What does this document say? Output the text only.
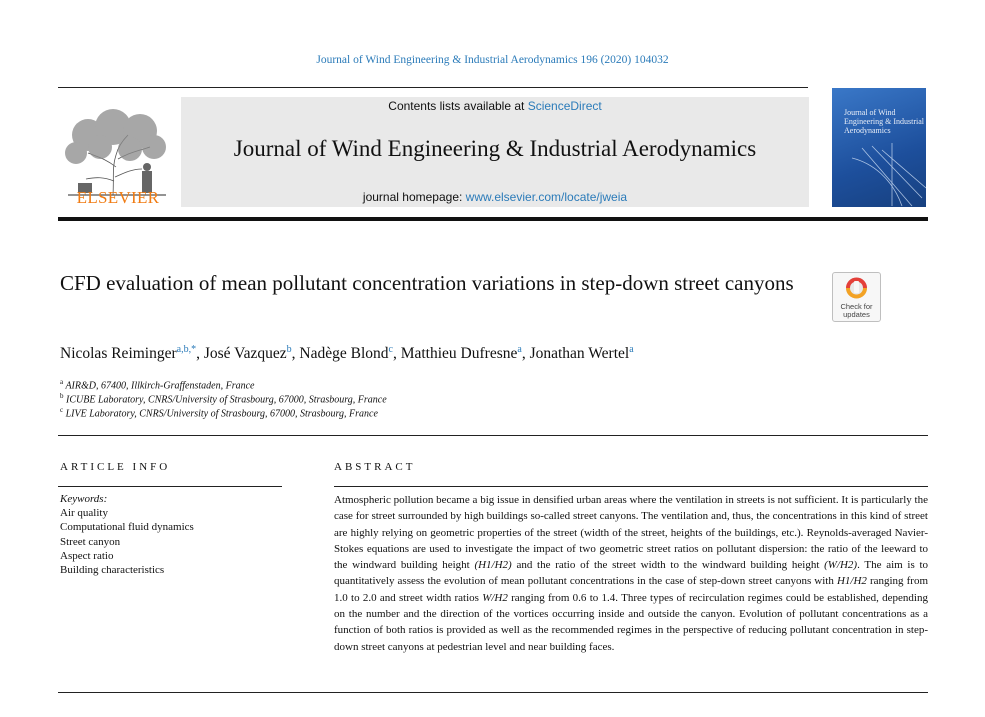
Journal of Wind Engineering & Industrial Aerodynamics 196 (2020) 104032
ELSEVIER
Contents lists available at ScienceDirect
Journal of Wind Engineering & Industrial Aerodynamics
journal homepage: www.elsevier.com/locate/jweia
Journal of Wind Engineering & Industrial Aerodynamics
CFD evaluation of mean pollutant concentration variations in step-down street canyons
Check for updates
Nicolas Reiminger$^{a,b,*}$, José Vazquez$^b$, Nadège Blond$^c$, Matthieu Dufresne$^a$, Jonathan Wertel$^a$
$^a$ AIR&D, 67400, Illkirch-Graffenstaden, France
$^b$ ICUBE Laboratory, CNRS/University of Strasbourg, 67000, Strasbourg, France
$^c$ LIVE Laboratory, CNRS/University of Strasbourg, 67000, Strasbourg, France
ARTICLE INFO
Keywords:
Air quality
Computational fluid dynamics
Street canyon
Aspect ratio
Building characteristics
ABSTRACT
Atmospheric pollution became a big issue in densified urban areas where the ventilation in streets is not sufficient. It is particularly the case for street surrounded by high buildings so-called street canyons. The ventilation and, thus, the concentrations in this kind of street are highly relying on geometric properties of the street (width of the street, heights of the buildings, etc.). Reynolds-averaged Navier-Stokes equations are used to investigate the impact of two geometric street ratios on pollutant dispersion: the ratio of the leeward to the windward building height (H1/H2) and the ratio of the street width to the windward building height (W/H2). The aim is to quantitatively assess the evolution of mean pollutant concentrations in the case of step-down street canyons with H1/H2 ranging from 1.0 to 2.0 and street width ratios W/H2 ranging from 0.6 to 1.4. Three types of recirculation regimes could be established, depending on the number and the direction of the vortices occurring inside and outside the canyon. Evolution of pollutant concentrations as a function of both ratios is provided as well as the recommended regimes in the perspective of reducing pollutant concentration in step-down street canyons at pedestrian level and near building faces.
